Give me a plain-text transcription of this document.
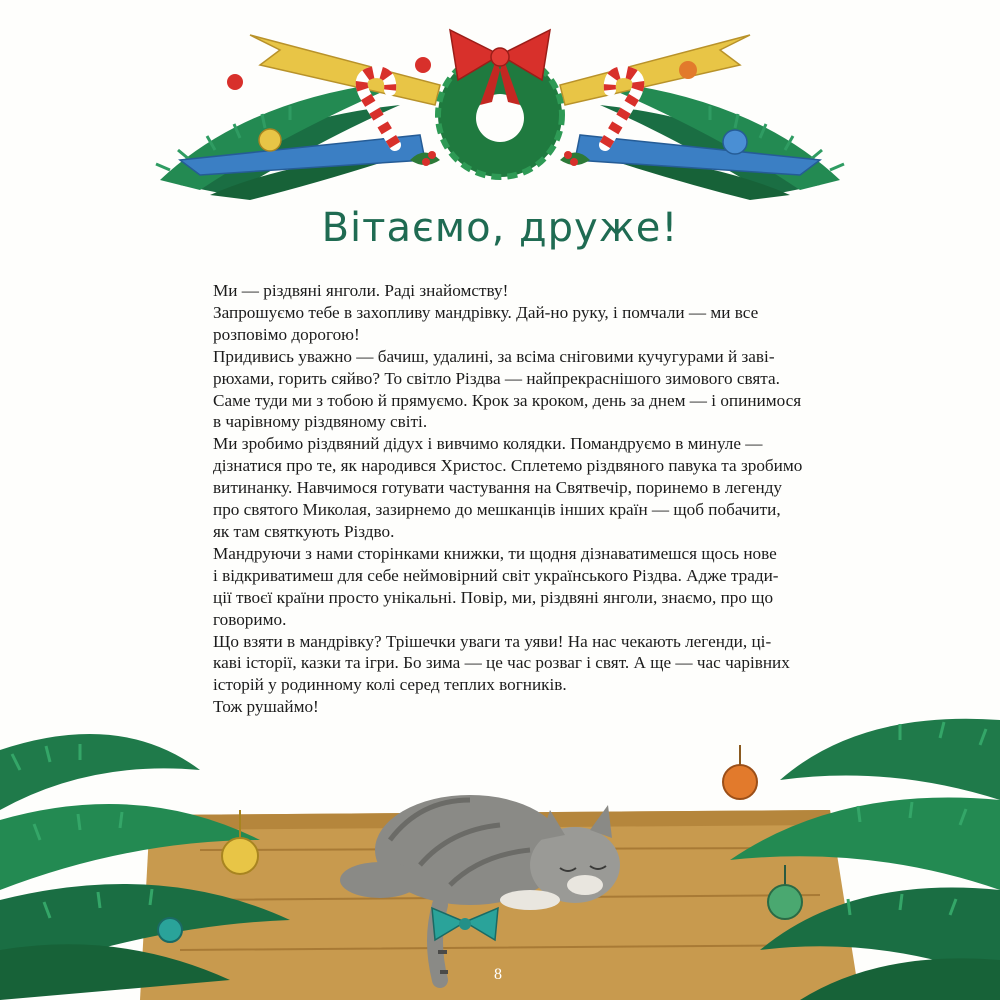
Вітаємо, друже!

Ми — різдвяні янголи. Раді знайомству!

Запрошуємо тебе в захопливу мандрівку. Дай-но руку, і помчали — ми все
розповімо дорогою!

Придивись уважно — бачиш, удалині, за всіма сніговими кучугурами й заві-
рюхами, горить сяйво? То світло Різдва — найпрекраснішого зимового свята.
Саме туди ми з тобою й прямуємо. Крок за кроком, день за днем — і опинимося
в чарівному різдвяному світі.

Ми зробимо різдвяний дідух і вивчимо колядки. Помандруємо в минуле —
дізнатися про те, як народився Христос. Сплетемо різдвяного павука та зробимо
витинанку. Навчимося готувати частування на Святвечір, поринемо в легенду
про святого Миколая, зазирнемо до мешканців інших країн — щоб побачити,
як там святкують Різдво.

Мандруючи з нами сторінками книжки, ти щодня дізнаватимешся щось нове
і відкриватимеш для себе неймовірний світ українського Різдва. Адже тради-
ції твоєї країни просто унікальні. Повір, ми, різдвяні янголи, знаємо, про що
говоримо.

Що взяти в мандрівку? Трішечки уваги та уяви! На нас чекають легенди, ці-
каві історії, казки та ігри. Бо зима — це час розваг і свят. А ще — час чарівних
історій у родинному колі серед теплих вогників.

Тож рушаймо!

8
